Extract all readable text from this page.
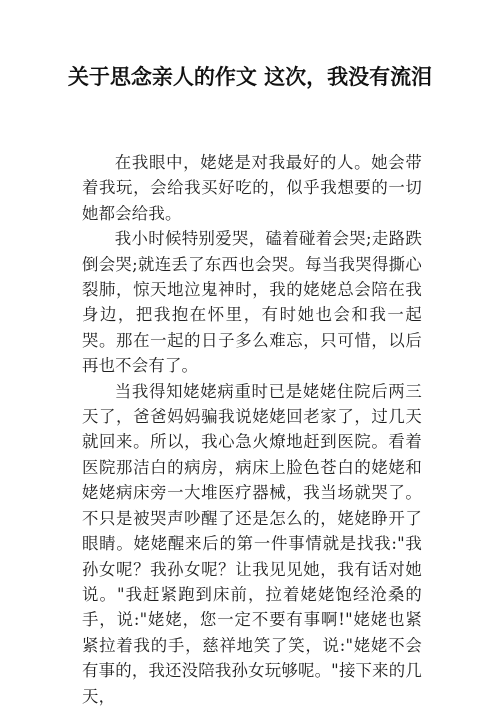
关于思念亲人的作文 这次，我没有流泪

在我眼中，姥姥是对我最好的人。她会带着我玩，会给我买好吃的，似乎我想要的一切她都会给我。

我小时候特别爱哭，磕着碰着会哭;走路跌倒会哭;就连丢了东西也会哭。每当我哭得撕心裂肺，惊天地泣鬼神时，我的姥姥总会陪在我身边，把我抱在怀里，有时她也会和我一起哭。那在一起的日子多么难忘，只可惜，以后再也不会有了。

当我得知姥姥病重时已是姥姥住院后两三天了，爸爸妈妈骗我说姥姥回老家了，过几天就回来。所以，我心急火燎地赶到医院。看着医院那洁白的病房，病床上脸色苍白的姥姥和姥姥病床旁一大堆医疗器械，我当场就哭了。不只是被哭声吵醒了还是怎么的，姥姥睁开了眼睛。姥姥醒来后的第一件事情就是找我:"我孙女呢？我孙女呢？让我见见她，我有话对她说。"我赶紧跑到床前，拉着姥姥饱经沧桑的手，说:"姥姥，您一定不要有事啊!"姥姥也紧紧拉着我的手，慈祥地笑了笑，说:"姥姥不会有事的，我还没陪我孙女玩够呢。"接下来的几天，
